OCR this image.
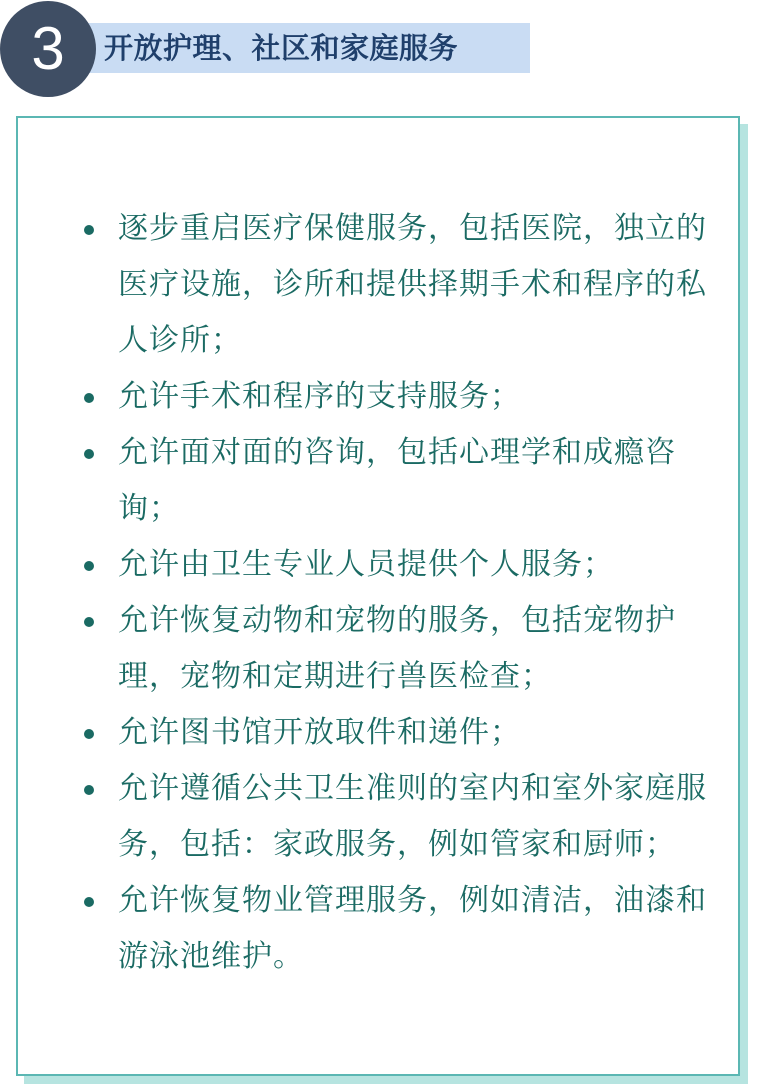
开放护理、社区和家庭服务
3
逐步重启医疗保健服务，包括医院，独立的医疗设施，诊所和提供择期手术和程序的私人诊所；
允许手术和程序的支持服务；
允许面对面的咨询，包括心理学和成瘾咨询；
允许由卫生专业人员提供个人服务；
允许恢复动物和宠物的服务，包括宠物护理，宠物和定期进行兽医检查；
允许图书馆开放取件和递件；
允许遵循公共卫生准则的室内和室外家庭服务，包括：家政服务，例如管家和厨师；
允许恢复物业管理服务，例如清洁，油漆和游泳池维护。
